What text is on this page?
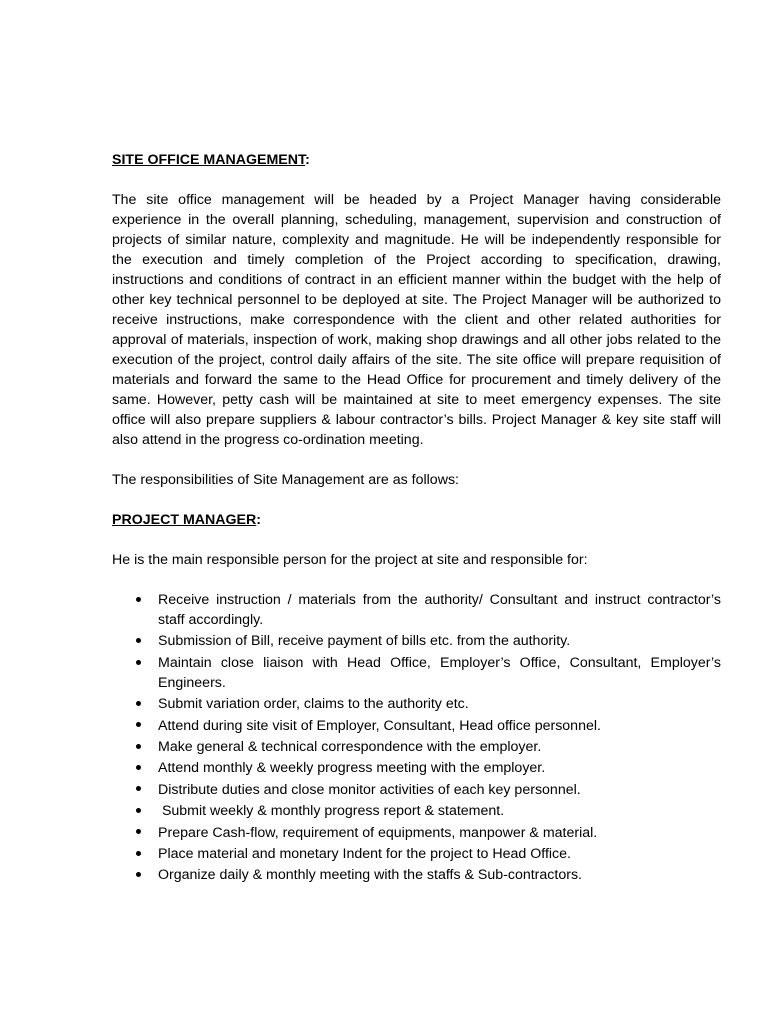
SITE OFFICE MANAGEMENT:

The site office management will be headed by a Project Manager having considerable experience in the overall planning, scheduling, management, supervision and construction of projects of similar nature, complexity and magnitude. He will be independently responsible for the execution and timely completion of the Project according to specification, drawing, instructions and conditions of contract in an efficient manner within the budget with the help of other key technical personnel to be deployed at site. The Project Manager will be authorized to receive instructions, make correspondence with the client and other related authorities for approval of materials, inspection of work, making shop drawings and all other jobs related to the execution of the project, control daily affairs of the site. The site office will prepare requisition of materials and forward the same to the Head Office for procurement and timely delivery of the same. However, petty cash will be maintained at site to meet emergency expenses. The site office will also prepare suppliers & labour contractor’s bills. Project Manager & key site staff will also attend in the progress co-ordination meeting.

The responsibilities of Site Management are as follows:

PROJECT MANAGER:

He is the main responsible person for the project at site and responsible for:

Receive instruction / materials from the authority/ Consultant and instruct contractor’s staff accordingly.
Submission of Bill, receive payment of bills etc. from the authority.
Maintain close liaison with Head Office, Employer’s Office, Consultant, Employer’s Engineers.
Submit variation order, claims to the authority etc.
Attend during site visit of Employer, Consultant, Head office personnel.
Make general & technical correspondence with the employer.
Attend monthly & weekly progress meeting with the employer.
Distribute duties and close monitor activities of each key personnel.
Submit weekly & monthly progress report & statement.
Prepare Cash-flow, requirement of equipments, manpower & material.
Place material and monetary Indent for the project to Head Office.
Organize daily & monthly meeting with the staffs & Sub-contractors.
